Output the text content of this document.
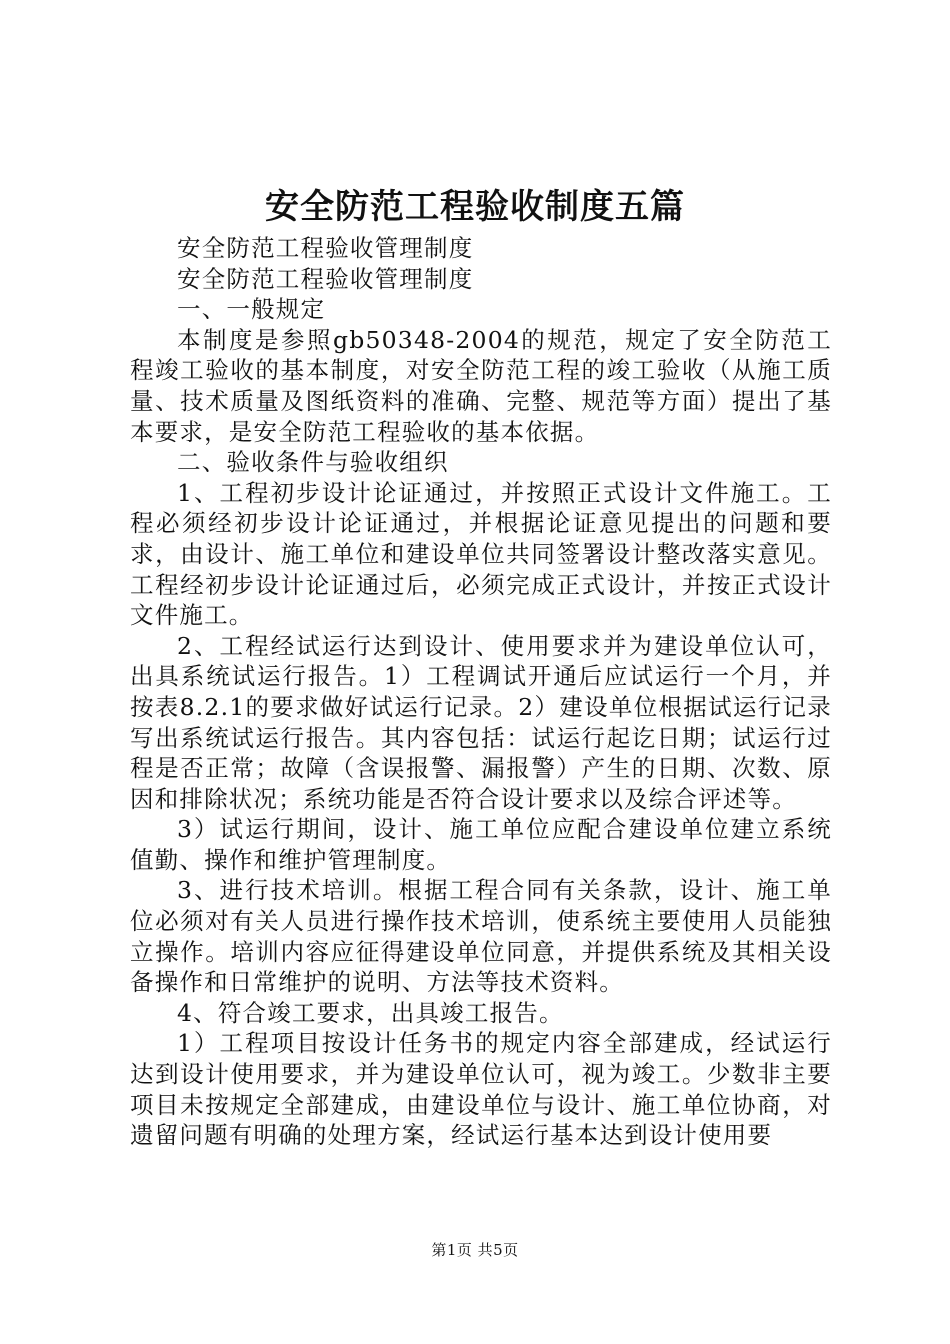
安全防范工程验收制度五篇

安全防范工程验收管理制度

安全防范工程验收管理制度

一、一般规定

本制度是参照gb50348-2004的规范，规定了安全防范工程竣工验收的基本制度，对安全防范工程的竣工验收（从施工质量、技术质量及图纸资料的准确、完整、规范等方面）提出了基本要求，是安全防范工程验收的基本依据。

二、验收条件与验收组织

1、工程初步设计论证通过，并按照正式设计文件施工。工程必须经初步设计论证通过，并根据论证意见提出的问题和要求，由设计、施工单位和建设单位共同签署设计整改落实意见。工程经初步设计论证通过后，必须完成正式设计，并按正式设计文件施工。

2、工程经试运行达到设计、使用要求并为建设单位认可，出具系统试运行报告。1）工程调试开通后应试运行一个月，并按表8.2.1的要求做好试运行记录。2）建设单位根据试运行记录写出系统试运行报告。其内容包括：试运行起讫日期；试运行过程是否正常；故障（含误报警、漏报警）产生的日期、次数、原因和排除状况；系统功能是否符合设计要求以及综合评述等。

3）试运行期间，设计、施工单位应配合建设单位建立系统值勤、操作和维护管理制度。

3、进行技术培训。根据工程合同有关条款，设计、施工单位必须对有关人员进行操作技术培训，使系统主要使用人员能独立操作。培训内容应征得建设单位同意，并提供系统及其相关设备操作和日常维护的说明、方法等技术资料。

4、符合竣工要求，出具竣工报告。

1）工程项目按设计任务书的规定内容全部建成，经试运行达到设计使用要求，并为建设单位认可，视为竣工。少数非主要项目未按规定全部建成，由建设单位与设计、施工单位协商，对遗留问题有明确的处理方案，经试运行基本达到设计使用要

第1页 共5页
